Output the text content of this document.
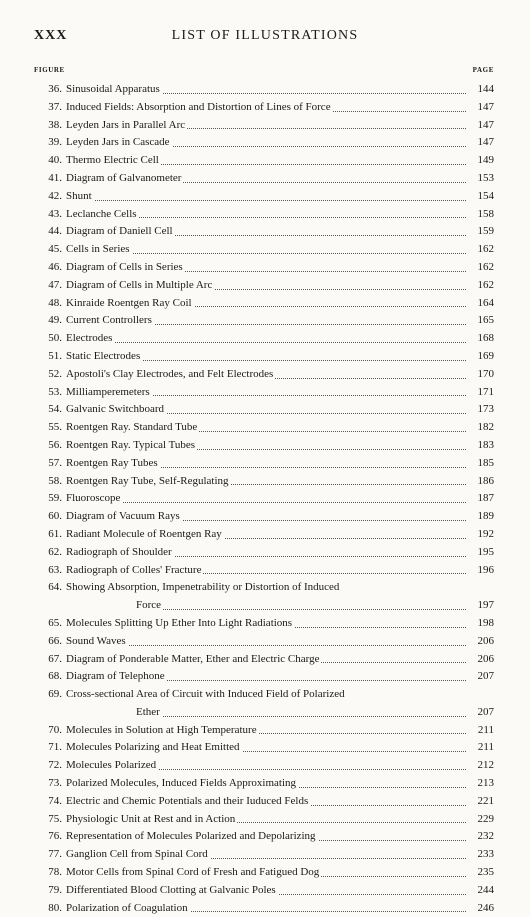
XXX	LIST OF ILLUSTRATIONS
FIGURE	PAGE
36. Sinusoidal Apparatus	144
37. Induced Fields: Absorption and Distortion of Lines of Force	147
38. Leyden Jars in Parallel Arc	147
39. Leyden Jars in Cascade	147
40. Thermo Electric Cell	149
41. Diagram of Galvanometer	153
42. Shunt	154
43. Leclanche Cells	158
44. Diagram of Daniell Cell	159
45. Cells in Series	162
46. Diagram of Cells in Series	162
47. Diagram of Cells in Multiple Arc	162
48. Kinraide Roentgen Ray Coil	164
49. Current Controllers	165
50. Electrodes	168
51. Static Electrodes	169
52. Apostoli's Clay Electrodes, and Felt Electrodes	170
53. Milliamperemeters	171
54. Galvanic Switchboard	173
55. Roentgen Ray. Standard Tube	182
56. Roentgen Ray. Typical Tubes	183
57. Roentgen Ray Tubes	185
58. Roentgen Ray Tube, Self-Regulating	186
59. Fluoroscope	187
60. Diagram of Vacuum Rays	189
61. Radiant Molecule of Roentgen Ray	192
62. Radiograph of Shoulder	195
63. Radiograph of Colles' Fracture	196
64. Showing Absorption, Impenetrability or Distortion of Induced
Force	197
65. Molecules Splitting Up Ether Into Light Radiations	198
66. Sound Waves	206
67. Diagram of Ponderable Matter, Ether and Electric Charge	206
68. Diagram of Telephone	207
69. Cross-sectional Area of Circuit with Induced Field of Polarized
Ether	207
70. Molecules in Solution at High Temperature	211
71. Molecules Polarizing and Heat Emitted	211
72. Molecules Polarized	212
73. Polarized Molecules, Induced Fields Approximating	213
74. Electric and Chemic Potentials and their Iuduced Felds	221
75. Physiologic Unit at Rest and in Action	229
76. Representation of Molecules Polarized and Depolarizing	232
77. Ganglion Cell from Spinal Cord	233
78. Motor Cells from Spinal Cord of Fresh and Fatigued Dog	235
79. Differentiated Blood Clotting at Galvanic Poles	244
80. Polarization of Coagulation	246
